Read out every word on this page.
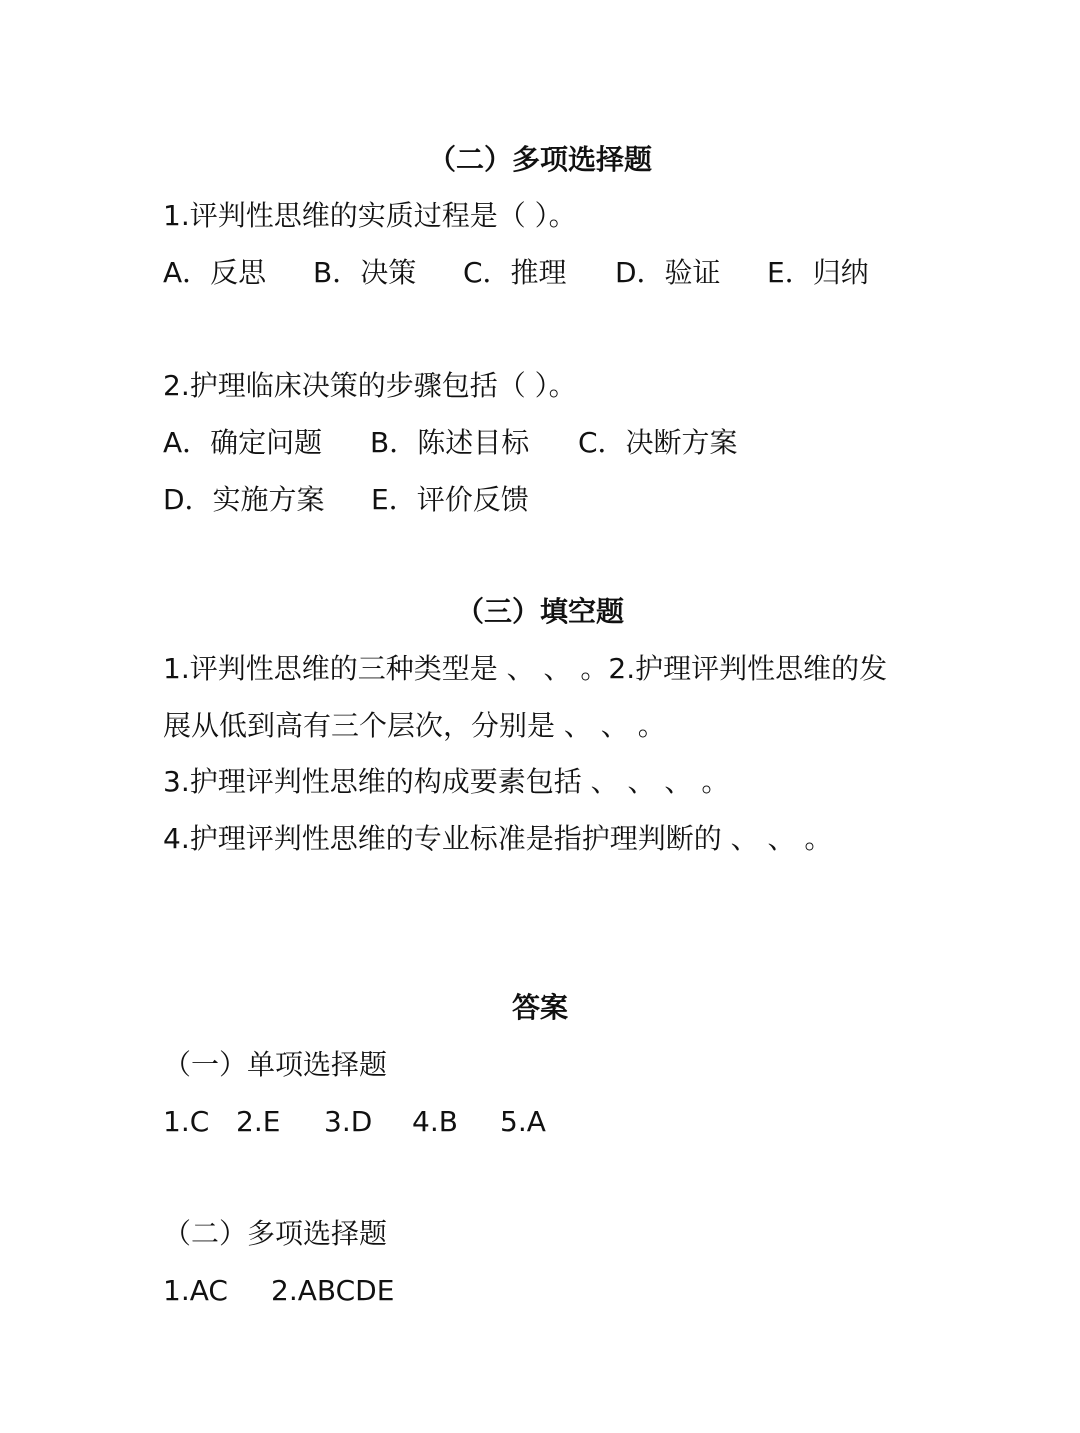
（二）多项选择题
1.评判性思维的实质过程是（ ）。
A．反思 B．决策 C．推理 D．验证 E．归纳
2.护理临床决策的步骤包括（ ）。
A．确定问题 B．陈述目标 C．决断方案
D．实施方案 E．评价反馈
（三）填空题
1.评判性思维的三种类型是 、 、 。2.护理评判性思维的发
展从低到高有三个层次，分别是 、 、 。
3.护理评判性思维的构成要素包括 、 、 、 。
4.护理评判性思维的专业标准是指护理判断的 、 、 。
答案
（一）单项选择题
1.C 2.E 3.D 4.B 5.A
（二）多项选择题
1.AC 2.ABCDE
